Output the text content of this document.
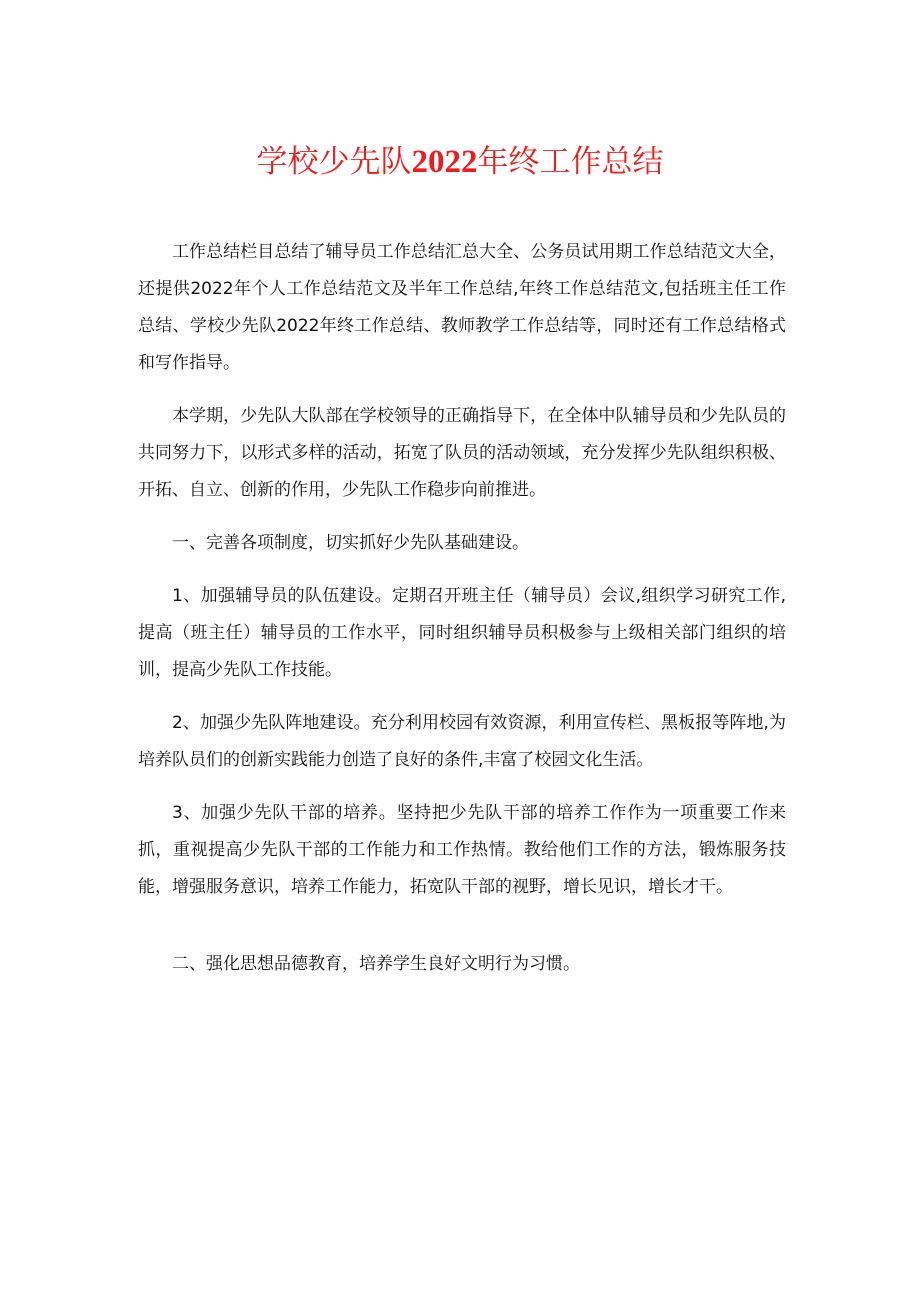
学校少先队2022年终工作总结

工作总结栏目总结了辅导员工作总结汇总大全、公务员试用期工作总结范文大全，还提供2022年个人工作总结范文及半年工作总结,年终工作总结范文,包括班主任工作总结、学校少先队2022年终工作总结、教师教学工作总结等，同时还有工作总结格式和写作指导。

本学期，少先队大队部在学校领导的正确指导下，在全体中队辅导员和少先队员的共同努力下，以形式多样的活动，拓宽了队员的活动领域，充分发挥少先队组织积极、开拓、自立、创新的作用，少先队工作稳步向前推进。

一、完善各项制度，切实抓好少先队基础建设。

1、加强辅导员的队伍建设。定期召开班主任（辅导员）会议,组织学习研究工作,提高（班主任）辅导员的工作水平，同时组织辅导员积极参与上级相关部门组织的培训，提高少先队工作技能。

2、加强少先队阵地建设。充分利用校园有效资源，利用宣传栏、黑板报等阵地,为培养队员们的创新实践能力创造了良好的条件,丰富了校园文化生活。

3、加强少先队干部的培养。坚持把少先队干部的培养工作作为一项重要工作来抓，重视提高少先队干部的工作能力和工作热情。教给他们工作的方法，锻炼服务技能，增强服务意识，培养工作能力，拓宽队干部的视野，增长见识，增长才干。

二、强化思想品德教育，培养学生良好文明行为习惯。
